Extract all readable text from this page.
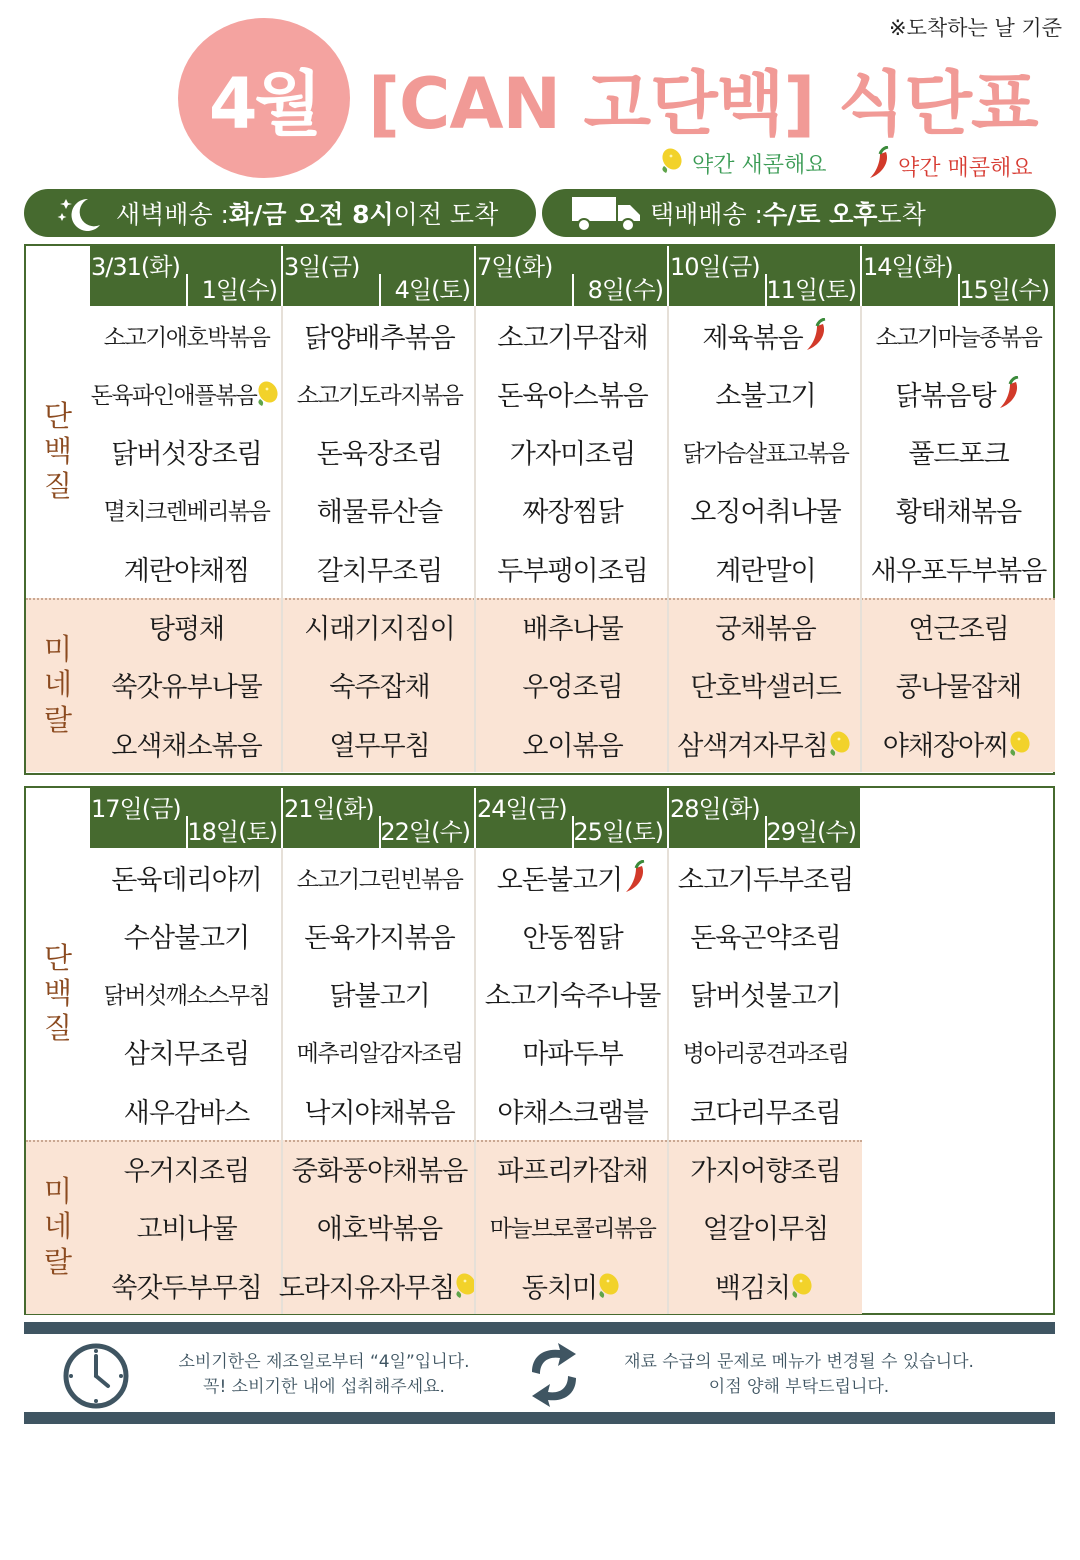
※도착하는 날 기준
4월 [CAN 고단백] 식단표
약간 새콤해요	약간 매콤해요
새벽배송 : 화/금 오전 8시 이전 도착	택배배송 : 수/토 오후 도착
단
백
질
미
네
랄
3/31(화)
1일(수)
소고기애호박볶음
돈육파인애플볶음
닭버섯장조림
멸치크렌베리볶음
계란야채찜
탕평채
쑥갓유부나물
오색채소볶음
3일(금)
4일(토)
닭양배추볶음
소고기도라지볶음
돈육장조림
해물류산슬
갈치무조림
시래기지짐이
숙주잡채
열무무침
7일(화)
8일(수)
소고기무잡채
돈육아스볶음
가자미조림
짜장찜닭
두부팽이조림
배추나물
우엉조림
오이볶음
10일(금)
11일(토)
제육볶음
소불고기
닭가슴살표고볶음
오징어취나물
계란말이
궁채볶음
단호박샐러드
삼색겨자무침
14일(화)
15일(수)
소고기마늘종볶음
닭볶음탕
풀드포크
황태채볶음
새우포두부볶음
연근조림
콩나물잡채
야채장아찌
단
백
질
미
네
랄
17일(금)
18일(토)
돈육데리야끼
수삼불고기
닭버섯깨소스무침
삼치무조림
새우감바스
우거지조림
고비나물
쑥갓두부무침
21일(화)
22일(수)
소고기그린빈볶음
돈육가지볶음
닭불고기
메추리알감자조림
낙지야채볶음
중화풍야채볶음
애호박볶음
도라지유자무침
24일(금)
25일(토)
오돈불고기
안동찜닭
소고기숙주나물
마파두부
야채스크램블
파프리카잡채
마늘브로콜리볶음
동치미
28일(화)
29일(수)
소고기두부조림
돈육곤약조림
닭버섯불고기
병아리콩견과조림
코다리무조림
가지어향조림
얼갈이무침
백김치
소비기한은 제조일로부터 “4일”입니다.
꼭! 소비기한 내에 섭취해주세요.
재료 수급의 문제로 메뉴가 변경될 수 있습니다.
이점 양해 부탁드립니다.
